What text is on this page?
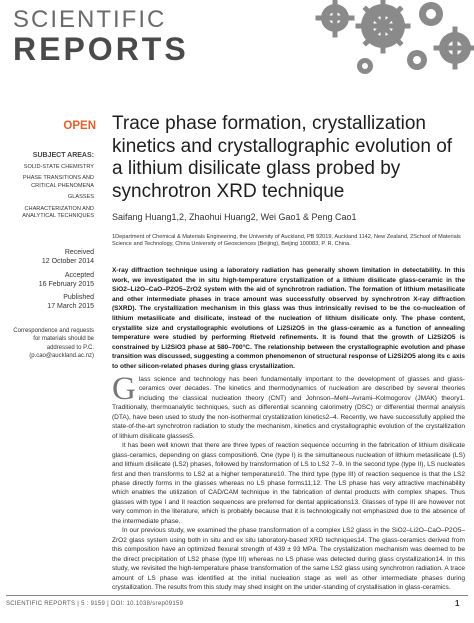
SCIENTIFIC
REPORTS
OPEN
SUBJECT AREAS:
SOLID-STATE CHEMISTRY
PHASE TRANSITIONS AND CRITICAL PHENOMENA
GLASSES
CHARACTERIZATION AND ANALYTICAL TECHNIQUES
Received
12 October 2014
Accepted
16 February 2015
Published
17 March 2015
Correspondence and requests for materials should be addressed to P.C. (p.cao@auckland.ac.nz)
Trace phase formation, crystallization kinetics and crystallographic evolution of a lithium disilicate glass probed by synchrotron XRD technique
Saifang Huang1,2, Zhaohui Huang2, Wei Gao1 & Peng Cao1
1Department of Chemical & Materials Engineering, the University of Auckland, PB 92019, Auckland 1142, New Zealand, 2School of Materials Science and Technology, China University of Geosciences (Beijing), Beijing 100083, P. R. China.
X-ray diffraction technique using a laboratory radiation has generally shown limitation in detectability. In this work, we investigated the in situ high-temperature crystallization of a lithium disilicate glass-ceramic in the SiO2–Li2O–CaO–P2O5–ZrO2 system with the aid of synchrotron radiation. The formation of lithium metasilicate and other intermediate phases in trace amount was successfully observed by synchrotron X-ray diffraction (SXRD). The crystallization mechanism in this glass was thus intrinsically revised to be the co-nucleation of lithium metasilicate and disilicate, instead of the nucleation of lithium disilicate only. The phase content, crystallite size and crystallographic evolutions of Li2Si2O5 in the glass-ceramic as a function of annealing temperature were studied by performing Rietveld refinements. It is found that the growth of Li2Si2O5 is constrained by Li2SiO3 phase at 580–700°C. The relationship between the crystallographic evolution and phase transition was discussed, suggesting a common phenomenon of structural response of Li2Si2O5 along its c axis to other silicon-related phases during glass crystallization.

Glass science and technology has been fundamentally important to the development of glasses and glass-ceramics over decades. The kinetics and thermodynamics of nucleation are described by several theories including the classical nucleation theory (CNT) and Johnson–Mehl–Avrami–Kolmogorov (JMAK) theory1. Traditionally, thermoanalytic techniques, such as differential scanning calorimetry (DSC) or differential thermal analysis (DTA), have been used to study the non-isothermal crystallization kinetics2–4. Recently, we have successfully applied the state-of-the-art synchrotron radiation to study the mechanism, kinetics and crystallographic evolution of the crystallization of lithium disilicate glasses5.

It has been well known that there are three types of reaction sequence occurring in the fabrication of lithium disilicate glass-ceramics, depending on glass composition6. One (type I) is the simultaneous nucleation of lithium metasilicate (LS) and lithium disilicate (LS2) phases, followed by transformation of LS to LS2 7–9. In the second type (type II), LS nucleates first and then transforms to LS2 at a higher temperature10. The third type (type III) of reaction sequence is that the LS2 phase directly forms in the glasses whereas no LS phase forms11,12. The LS phase has very attractive machinability which enables the utilization of CAD/CAM technique in the fabrication of dental products with complex shapes. Thus glasses with type I and II reaction sequences are preferred for dental applications13. Glasses of type III are however not very common in the literature, which is probably because that it is technologically not emphasized due to the absence of the intermediate phase.

In our previous study, we examined the phase transformation of a complex LS2 glass in the SiO2–Li2O–CaO–P2O5–ZrO2 glass system using both in situ and ex situ laboratory-based XRD techniques14. The glass-ceramics derived from this composition have an optimized flexural strength of 439 ± 93 MPa. The crystallization mechanism was deemed to be the direct precipitation of LS2 phase (type III) whereas no LS phase was detected during glass crystallization14. In this study, we revisited the high-temperature phase transformation of the same LS2 glass using synchrotron radiation. A trace amount of LS phase was identified at the initial nucleation stage as well as other intermediate phases during crystallization. The results from this study may shed insight on the under-standing of crystallisation in glass-ceramics.

SCIENTIFIC REPORTS | 5 : 9159 | DOI: 10.1038/srep09159	1
